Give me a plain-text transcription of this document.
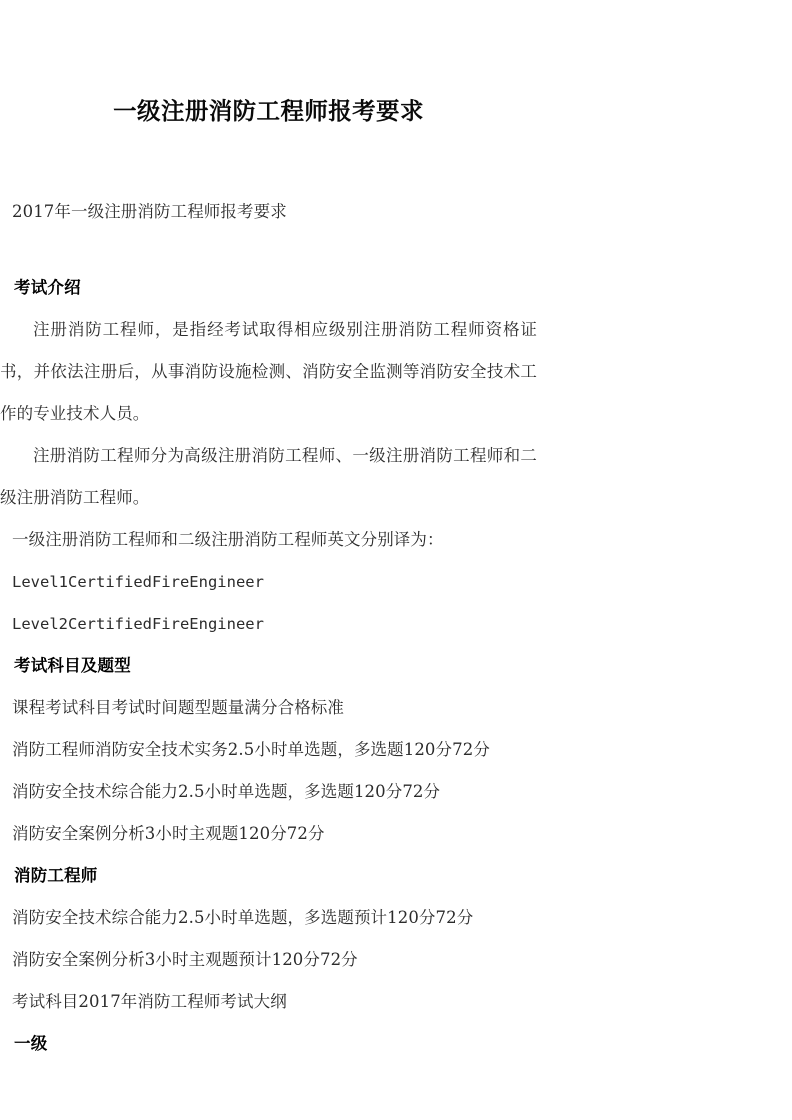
一级注册消防工程师报考要求

2017年一级注册消防工程师报考要求

考试介绍

注册消防工程师，是指经考试取得相应级别注册消防工程师资格证书，并依法注册后，从事消防设施检测、消防安全监测等消防安全技术工作的专业技术人员。

注册消防工程师分为高级注册消防工程师、一级注册消防工程师和二级注册消防工程师。

一级注册消防工程师和二级注册消防工程师英文分别译为：

Level1CertifiedFireEngineer

Level2CertifiedFireEngineer

考试科目及题型

课程考试科目考试时间题型题量满分合格标准

消防工程师消防安全技术实务2.5小时单选题，多选题120分72分

消防安全技术综合能力2.5小时单选题，多选题120分72分

消防安全案例分析3小时主观题120分72分

消防工程师

消防安全技术综合能力2.5小时单选题，多选题预计120分72分

消防安全案例分析3小时主观题预计120分72分

考试科目2017年消防工程师考试大纲

一级
